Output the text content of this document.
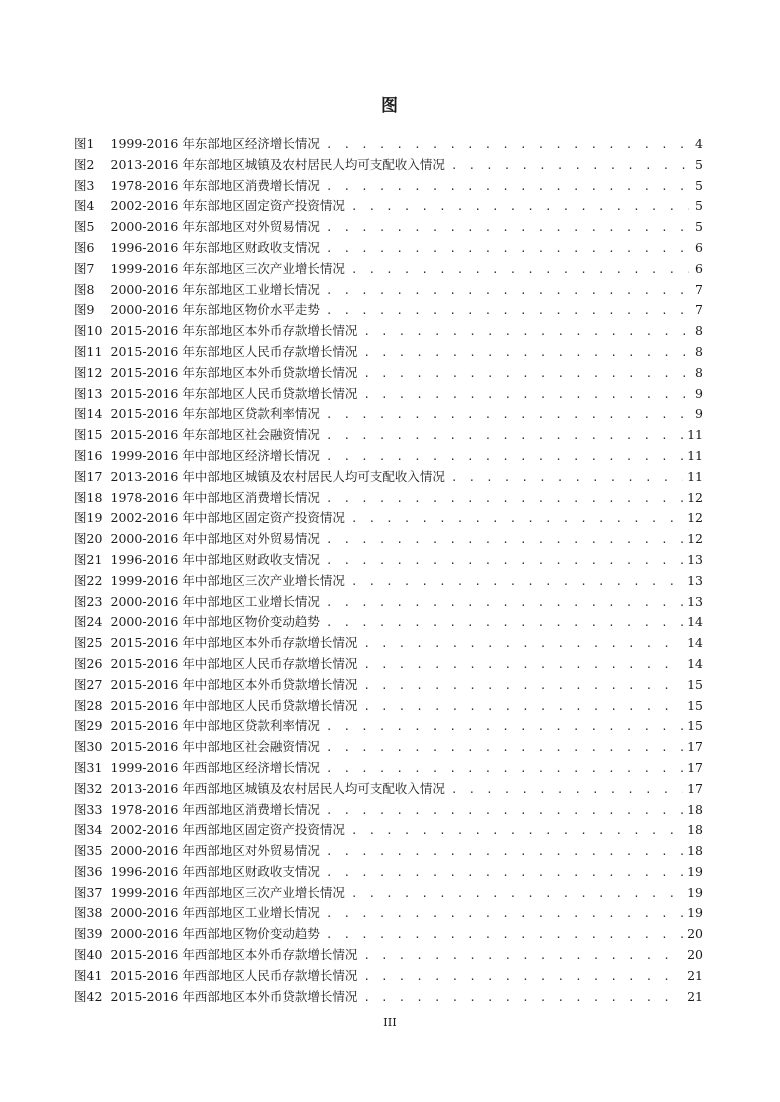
图
图 1	1999-2016 年东部地区经济增长情况 . . .	4
图 2	2013-2016 年东部地区城镇及农村居民人均可支配收入情况 . . .	5
图 3	1978-2016 年东部地区消费增长情况 . . .	5
图 4	2002-2016 年东部地区固定资产投资情况 . . .	5
图 5	2000-2016 年东部地区对外贸易情况 . . .	5
图 6	1996-2016 年东部地区财政收支情况 . . .	6
图 7	1999-2016 年东部地区三次产业增长情况 . . .	6
图 8	2000-2016 年东部地区工业增长情况 . . .	7
图 9	2000-2016 年东部地区物价水平走势 . . .	7
图 10 2015-2016 年东部地区本外币存款增长情况 . . .	8
图 11 2015-2016 年东部地区人民币存款增长情况 . . .	8
图 12 2015-2016 年东部地区本外币贷款增长情况 . . .	8
图 13 2015-2016 年东部地区人民币贷款增长情况 . . .	9
图 14 2015-2016 年东部地区贷款利率情况 . . .	9
图 15 2015-2016 年东部地区社会融资情况 . . .	11
图 16 1999-2016 年中部地区经济增长情况 . . .	11
图 17 2013-2016 年中部地区城镇及农村居民人均可支配收入情况 . . .	11
图 18 1978-2016 年中部地区消费增长情况 . . .	12
图 19 2002-2016 年中部地区固定资产投资情况 . . .	12
图 20 2000-2016 年中部地区对外贸易情况 . . .	12
图 21 1996-2016 年中部地区财政收支情况 . . .	13
图 22 1999-2016 年中部地区三次产业增长情况 . . .	13
图 23 2000-2016 年中部地区工业增长情况 . . .	13
图 24 2000-2016 年中部地区物价变动趋势 . . .	14
图 25 2015-2016 年中部地区本外币存款增长情况 . . .	14
图 26 2015-2016 年中部地区人民币存款增长情况 . . .	14
图 27 2015-2016 年中部地区本外币贷款增长情况 . . .	15
图 28 2015-2016 年中部地区人民币贷款增长情况 . . .	15
图 29 2015-2016 年中部地区贷款利率情况 . . .	15
图 30 2015-2016 年中部地区社会融资情况 . . .	17
图 31 1999-2016 年西部地区经济增长情况 . . .	17
图 32 2013-2016 年西部地区城镇及农村居民人均可支配收入情况 . . .	17
图 33 1978-2016 年西部地区消费增长情况 . . .	18
图 34 2002-2016 年西部地区固定资产投资情况 . . .	18
图 35 2000-2016 年西部地区对外贸易情况 . . .	18
图 36 1996-2016 年西部地区财政收支情况 . . .	19
图 37 1999-2016 年西部地区三次产业增长情况 . . .	19
图 38 2000-2016 年西部地区工业增长情况 . . .	19
图 39 2000-2016 年西部地区物价变动趋势 . . .	20
图 40 2015-2016 年西部地区本外币存款增长情况 . . .	20
图 41 2015-2016 年西部地区人民币存款增长情况 . . .	21
图 42 2015-2016 年西部地区本外币贷款增长情况 . . .	21
III
